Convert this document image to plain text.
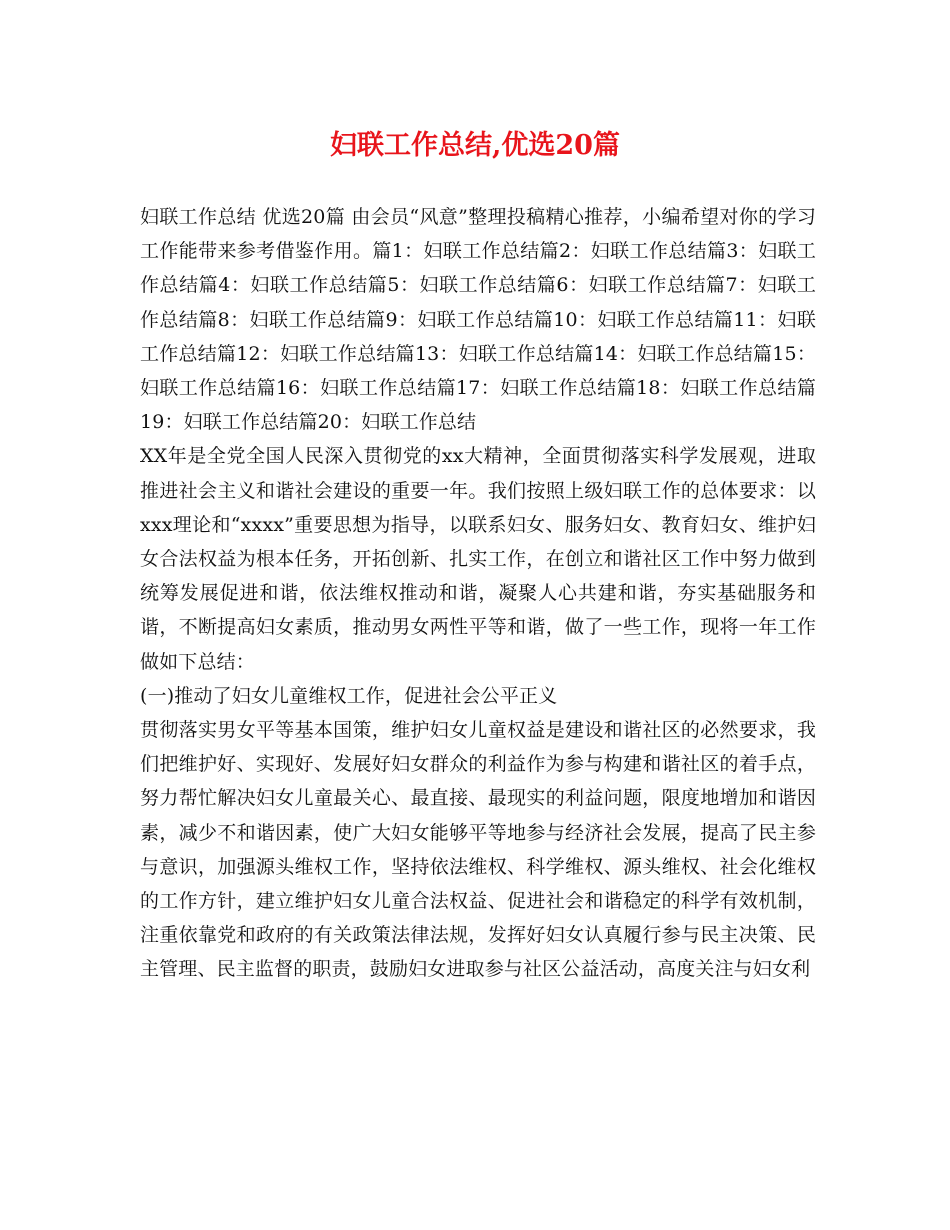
妇联工作总结,优选20篇

妇联工作总结 优选20篇 由会员“风意”整理投稿精心推荐，小编希望对你的学习工作能带来参考借鉴作用。篇1：妇联工作总结篇2：妇联工作总结篇3：妇联工作总结篇4：妇联工作总结篇5：妇联工作总结篇6：妇联工作总结篇7：妇联工作总结篇8：妇联工作总结篇9：妇联工作总结篇10：妇联工作总结篇11：妇联工作总结篇12：妇联工作总结篇13：妇联工作总结篇14：妇联工作总结篇15：妇联工作总结篇16：妇联工作总结篇17：妇联工作总结篇18：妇联工作总结篇19：妇联工作总结篇20：妇联工作总结

XX年是全党全国人民深入贯彻党的xx大精神，全面贯彻落实科学发展观，进取推进社会主义和谐社会建设的重要一年。我们按照上级妇联工作的总体要求：以xxx理论和“xxxx”重要思想为指导，以联系妇女、服务妇女、教育妇女、维护妇女合法权益为根本任务，开拓创新、扎实工作，在创立和谐社区工作中努力做到统筹发展促进和谐，依法维权推动和谐，凝聚人心共建和谐，夯实基础服务和谐，不断提高妇女素质，推动男女两性平等和谐，做了一些工作，现将一年工作做如下总结：

(一)推动了妇女儿童维权工作，促进社会公平正义

贯彻落实男女平等基本国策，维护妇女儿童权益是建设和谐社区的必然要求，我们把维护好、实现好、发展好妇女群众的利益作为参与构建和谐社区的着手点，努力帮忙解决妇女儿童最关心、最直接、最现实的利益问题，限度地增加和谐因素，减少不和谐因素，使广大妇女能够平等地参与经济社会发展，提高了民主参与意识，加强源头维权工作，坚持依法维权、科学维权、源头维权、社会化维权的工作方针，建立维护妇女儿童合法权益、促进社会和谐稳定的科学有效机制，注重依靠党和政府的有关政策法律法规，发挥好妇女认真履行参与民主决策、民主管理、民主监督的职责，鼓励妇女进取参与社区公益活动，高度关注与妇女利
